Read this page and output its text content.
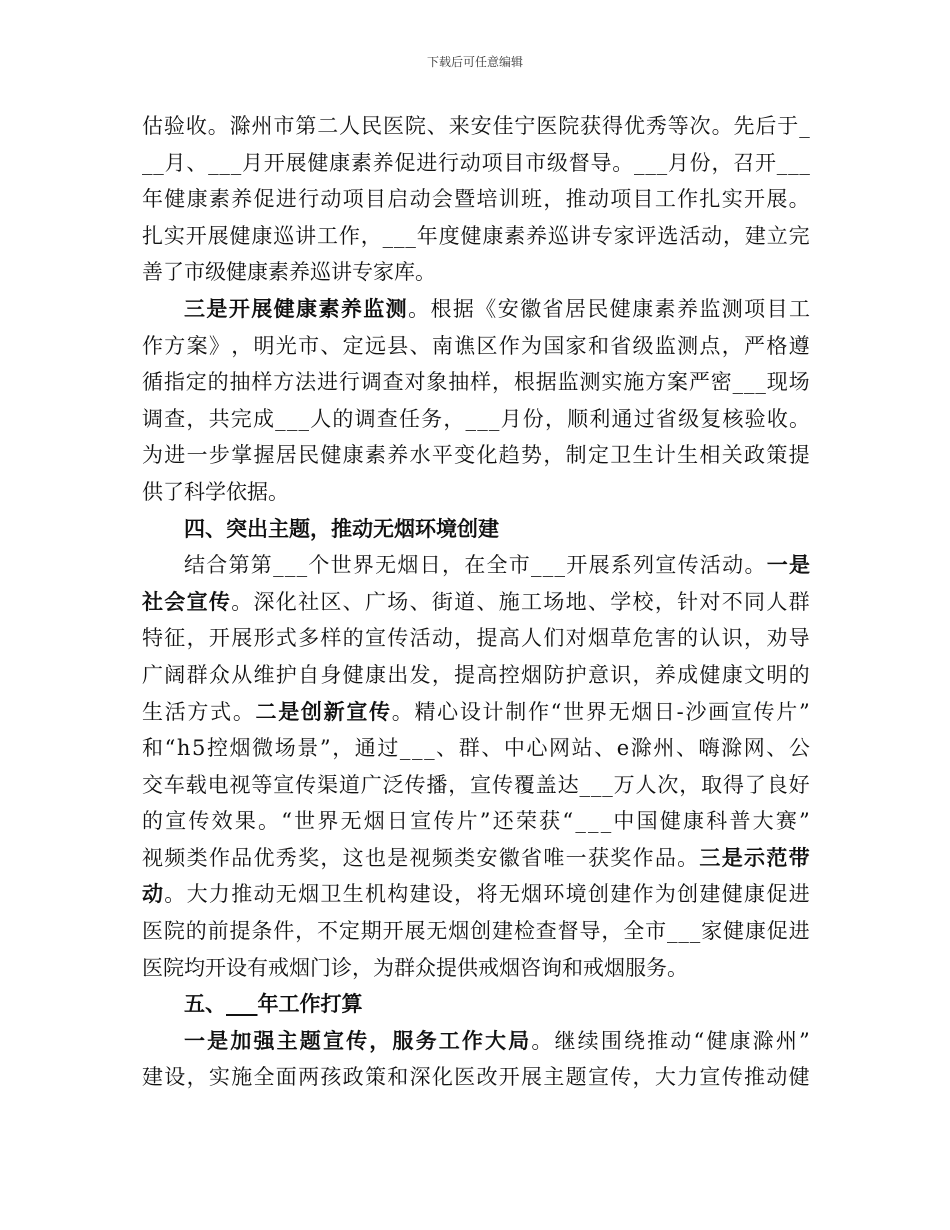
下载后可任意编辑
估 验 收 。 滁 州 市 第 二 人 民 医 院 、 来 安 佳 宁 医 院 获 得 优 秀 等 次 。 先 后 于 _
_ _ 月 、 _ _ _ 月 开 展 健 康 素 养 促 进 行 动 项 目 市 级 督 导 。 _ _ _ 月 份 ， 召 开 _ _ _
年 健 康 素 养 促 进 行 动 项 目 启 动 会 暨 培 训 班 ， 推 动 项 目 工 作 扎 实 开 展 。
扎 实 开 展 健 康 巡 讲 工 作 ， _ _ _ 年 度 健 康 素 养 巡 讲 专 家 评 选 活 动 ， 建 立 完
善 了 市 级 健 康 素 养 巡 讲 专 家 库 。
三 是 开 展 健 康 素 养 监 测 。 根 据 《 安 徽 省 居 民 健 康 素 养 监 测 项 目 工
作 方 案 》 ， 明 光 市 、 定 远 县 、 南 谯 区 作 为 国 家 和 省 级 监 测 点 ， 严 格 遵
循 指 定 的 抽 样 方 法 进 行 调 查 对 象 抽 样 ， 根 据 监 测 实 施 方 案 严 密 _ _ _ 现 场
调 查 ， 共 完 成 _ _ _ 人 的 调 查 任 务 ， _ _ _ 月 份 ， 顺 利 通 过 省 级 复 核 验 收 。
为 进 一 步 掌 握 居 民 健 康 素 养 水 平 变 化 趋 势 ， 制 定 卫 生 计 生 相 关 政 策 提
供 了 科 学 依 据 。
四 、 突 出 主 题 ， 推 动 无 烟 环 境 创 建
结 合 第 第 _ _ _ 个 世 界 无 烟 日 ， 在 全 市 _ _ _ 开 展 系 列 宣 传 活 动 。 一 是
社 会 宣 传 。 深 化 社 区 、 广 场 、 街 道 、 施 工 场 地 、 学 校 ， 针 对 不 同 人 群
特 征 ， 开 展 形 式 多 样 的 宣 传 活 动 ， 提 高 人 们 对 烟 草 危 害 的 认 识 ， 劝 导
广 阔 群 众 从 维 护 自 身 健 康 出 发 ， 提 高 控 烟 防 护 意 识 ， 养 成 健 康 文 明 的
生 活 方 式 。 二 是 创 新 宣 传 。 精 心 设 计 制 作 “ 世 界 无 烟 日 - 沙 画 宣 传 片 ”
和 “ h 5 控 烟 微 场 景 ” ， 通 过 _ _ _ 、 群 、 中 心 网 站 、 e 滁 州 、 嗨 滁 网 、 公
交 车 载 电 视 等 宣 传 渠 道 广 泛 传 播 ， 宣 传 覆 盖 达 _ _ _ 万 人 次 ， 取 得 了 良 好
的 宣 传 效 果 。 “ 世 界 无 烟 日 宣 传 片 ” 还 荣 获 “ _ _ _ 中 国 健 康 科 普 大 赛 ”
视 频 类 作 品 优 秀 奖 ， 这 也 是 视 频 类 安 徽 省 唯 一 获 奖 作 品 。 三 是 示 范 带
动 。 大 力 推 动 无 烟 卫 生 机 构 建 设 ， 将 无 烟 环 境 创 建 作 为 创 建 健 康 促 进
医 院 的 前 提 条 件 ， 不 定 期 开 展 无 烟 创 建 检 查 督 导 ， 全 市 _ _ _ 家 健 康 促 进
医 院 均 开 设 有 戒 烟 门 诊 ， 为 群 众 提 供 戒 烟 咨 询 和 戒 烟 服 务 。
五 、 _ _ _ 年 工 作 打 算
一 是 加 强 主 题 宣 传 ， 服 务 工 作 大 局 。 继 续 围 绕 推 动 “ 健 康 滁 州 ”
建 设 ， 实 施 全 面 两 孩 政 策 和 深 化 医 改 开 展 主 题 宣 传 ， 大 力 宣 传 推 动 健
